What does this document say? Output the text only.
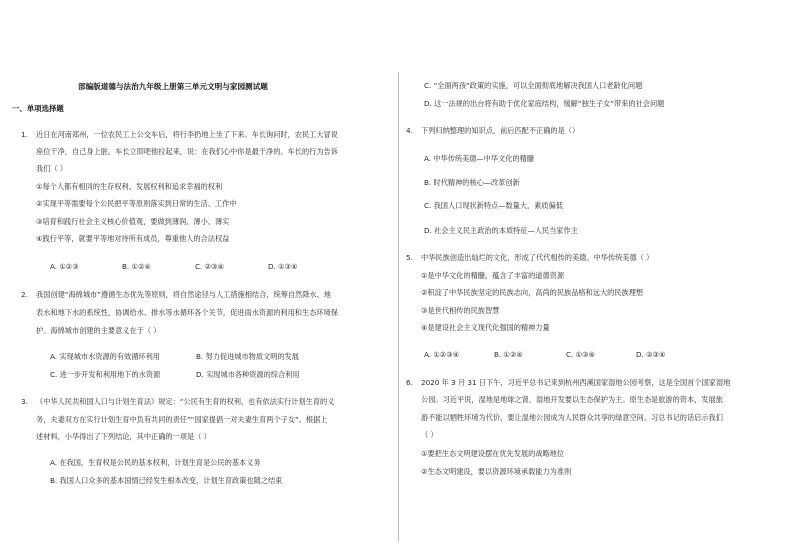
部编版道德与法治九年级上册第三单元文明与家园测试题
一、单项选择题
1. 近日在河南郑州，一位农民工上公交车后，将行李扔地上坐了下来。车长询问时，农民工大冒说
座位干净，自己身上脏。车长立即吧他拉起来，说：在我们心中你是最干净的。车长的行为告诉
我们（ ）
①每个人都有相同的生存权利、发展权利和追求幸福的权利
②实现平等需要每个公民把平等原则落实到日常的生活、工作中
③培育和践行社会主义核心价值观，要做到薄润、薄小、薄实
④践行平等，就要平等地对待所有成员，尊重他人的合法权益
A. ①②③	B. ①②④	C. ②③④	D. ①③④
2. 我国创建“海绵城市”遵循生态优先等原则，将自然途径与人工措施相结合，统筹自然降水、地
表水和地下水的系统性，协调给水、排水等水循环各个关节，促进雨水资源的利用和生态环境保
护。海绵城市创建的主要意义在于（ ）
A. 实现城市水资源的有效循环利用	B. 努力促进城市物质文明的发展
C. 进一步开发和利用地下的水资源	D. 实现城市各种资源的综合利用
3. 《中华人民共和国人口与计划生育法》规定：“公民有生育的权利，也有依法实行计划生育的义
务，夫妻双方在实行计划生育中负有共同的责任”“国家提倡一对夫妻生育两个子女”。根据上
述材料，小华得出了下列结论，其中正确的一项是（ ）
A. 在我国，生育权是公民的基本权利，计划生育是公民的基本义务
B. 我国人口众多的基本国情已经发生根本改变，计划生育政策也随之结束
C. “全面两孩”政策的实施，可以全面彻底地解决我国人口老龄化问题
D. 这一法规的出台将有助于优化家庭结构，缓解“独生子女”带来的社会问题
4. 下列归纳整理的知识点，前后匹配不正确的是（）
A. 中华传统美德—中华文化的精髓
B. 时代精神的核心—改革创新
C. 我国人口现状新特点—数量大，素质偏低
D. 社会主义民主政治的本质特征—人民当家作主
5. 中华民族创造出灿烂的文化，形成了代代相传的美德。中华传统美德（ ）
①是中华文化的精髓，蕴含了丰富的道德资源
②积淀了中华民族坚定的民族志向，高尚的民族品格和远大的民族理想
③是世代相传的民族智慧
④是建设社会主义现代化强国的精神力量
A. ①②③④	B. ①②④	C. ①③④	D. ②③④
6. 2020 年 3 月 31 日下午，习近平总书记来到杭州西溪国家湿地公园考察，这是全国首个国家湿地
公园。习近平说，湿地是地球之肾，湿地开发要以生态保护为主。原生态是旅游的资本，发展旅
游不能以牺牲环境为代价，要让湿地公园成为人民群众共享的绿意空间。习总书记的话启示我们
（ ）
①要把生态文明建设摆在优先发展的战略地位
②生态文明建设，要以资源环境承载能力为准则
